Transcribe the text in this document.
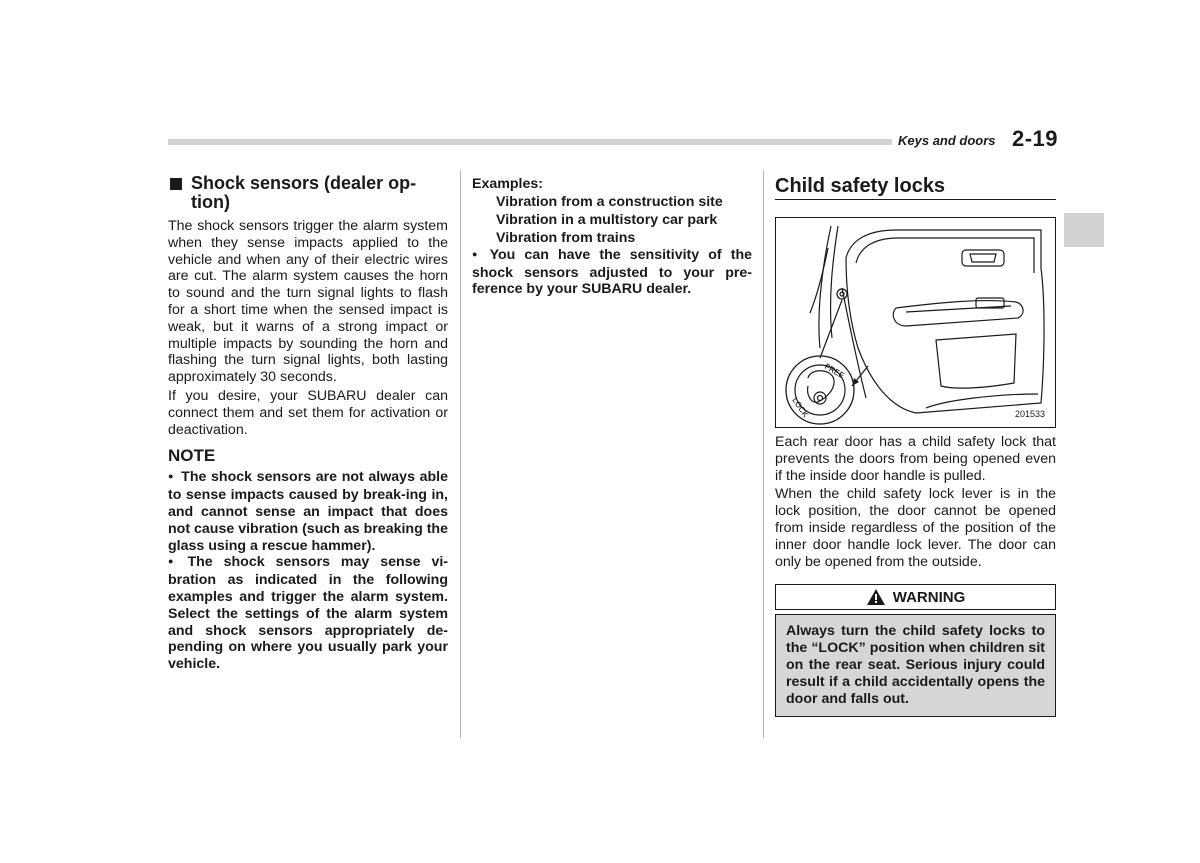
Keys and doors 2-19
Shock sensors (dealer op-
tion)

The shock sensors trigger the alarm system when they sense impacts applied to the vehicle and when any of their electric wires are cut. The alarm system causes the horn to sound and the turn signal lights to flash for a short time when the sensed impact is weak, but it warns of a strong impact or multiple impacts by sounding the horn and flashing the turn signal lights, both lasting approximately 30 seconds.

If you desire, your SUBARU dealer can connect them and set them for activation or deactivation.

NOTE

● The shock sensors are not always able to sense impacts caused by break-ing in, and cannot sense an impact that does not cause vibration (such as breaking the glass using a rescue hammer).

● The shock sensors may sense vi-bration as indicated in the following examples and trigger the alarm system. Select the settings of the alarm system and shock sensors appropriately de-pending on where you usually park your vehicle.

Examples:

Vibration from a construction site
Vibration in a multistory car park
Vibration from trains

● You can have the sensitivity of the shock sensors adjusted to your pre-ference by your SUBARU dealer.

Child safety locks
FREE
LOCK	201533

Each rear door has a child safety lock that prevents the doors from being opened even if the inside door handle is pulled.

When the child safety lock lever is in the lock position, the door cannot be opened from inside regardless of the position of the inner door handle lock lever. The door can only be opened from the outside.

WARNING

Always turn the child safety locks to the “LOCK” position when children sit on the rear seat. Serious injury could result if a child accidentally opens the door and falls out.
